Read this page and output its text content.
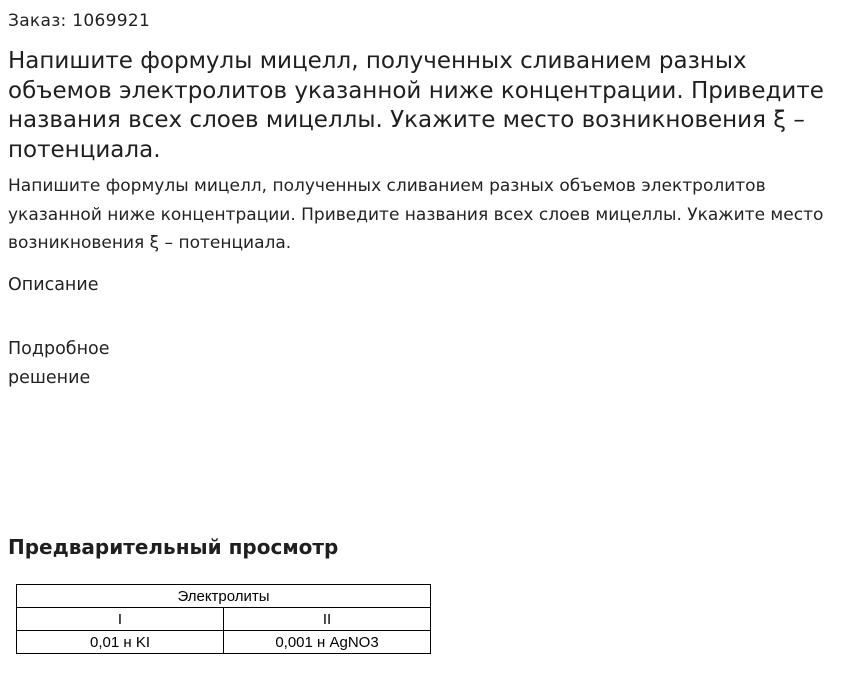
Заказ: 1069921
Напишите формулы мицелл, полученных сливанием разных объемов электролитов указанной ниже концентрации. Приведите названия всех слоев мицеллы. Укажите место возникновения ξ – потенциала.

Напишите формулы мицелл, полученных сливанием разных объемов электролитов указанной ниже концентрации. Приведите названия всех слоев мицеллы. Укажите место возникновения ξ – потенциала.

Описание
Подробное решение
Предварительный просмотр
Электролиты	
I	II
0,01 н KI	0,001 н AgNO3
